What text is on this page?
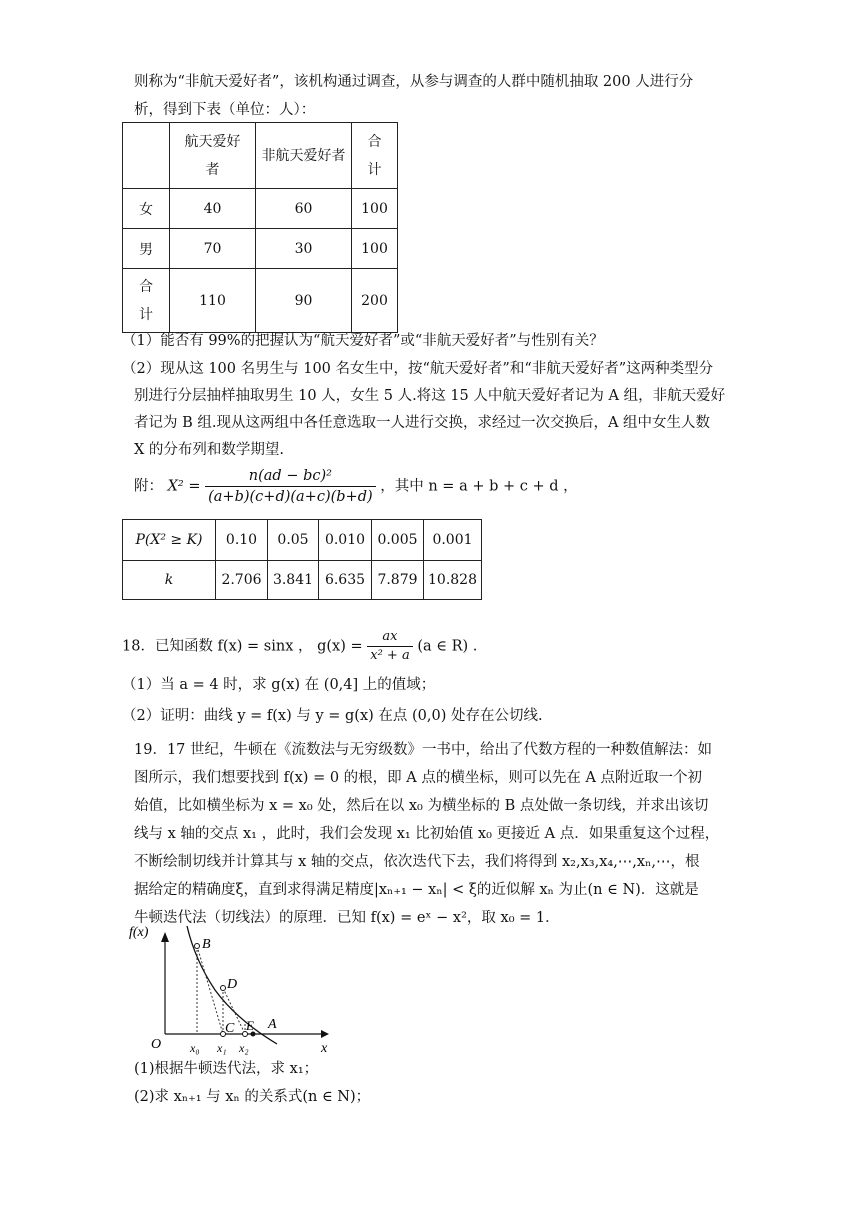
则称为“非航天爱好者”，该机构通过调查，从参与调查的人群中随机抽取 200 人进行分
析，得到下表（单位：人）：
	航天爱好者	非航天爱好者	合计
女	40	60	100
男	70	30	100
合计	110	90	200
（1）能否有 99%的把握认为“航天爱好者”或“非航天爱好者”与性别有关？
（2）现从这 100 名男生与 100 名女生中，按“航天爱好者”和“非航天爱好者”这两种类型分
别进行分层抽样抽取男生 10 人，女生 5 人.将这 15 人中航天爱好者记为 A 组，非航天爱好
者记为 B 组.现从这两组中各任意选取一人进行交换，求经过一次交换后，A 组中女生人数
X 的分布列和数学期望.
附： $X^2 = \frac{\text{n(ad − bc)²}}{(a+b)(c+d)(a+c)(b+d)}$ ，其中 n = a + b + c + d ，
P(X² ≥ K)	0.10	0.05	0.010	0.005	0.001
k	2.706	3.841	6.635	7.879	10.828
18．已知函数 f(x) = sinx ， $g(x) = \frac{ax}{\text{x² + a}} (a$ ∈ R) .
（1）当 a = 4 时，求 g(x) 在 (0,4] 上的值域；
（2）证明：曲线 y = f(x) 与 y = g(x) 在点 (0,0) 处存在公切线.
19．17 世纪，牛顿在《流数法与无穷级数》一书中，给出了代数方程的一种数值解法：如
图所示，我们想要找到 f(x) = 0 的根，即 A 点的横坐标，则可以先在 A 点附近取一个初
始值，比如横坐标为 x = x₀ 处，然后在以 x₀ 为横坐标的 B 点处做一条切线，并求出该切
线与 x 轴的交点 x₁ ，此时，我们会发现 x₁ 比初始值 x₀ 更接近 A 点．如果重复这个过程，
不断绘制切线并计算其与 x 轴的交点，依次迭代下去，我们将得到 x₂,x₃,x₄,⋯,xₙ,⋯，根
据给定的精确度ξ，直到求得满足精度|xₙ₊₁ − xₙ| < ξ的近似解 xₙ 为止(n ∈ N)．这就是
牛顿迭代法（切线法）的原理．已知 f(x) = eˣ − x²，取 x₀ = 1．
f(x)
x
O
B
D
C E A
x₀ x₁ x₂
(1)根据牛顿迭代法，求 x₁；
(2)求 xₙ₊₁ 与 xₙ 的关系式(n ∈ N)；
